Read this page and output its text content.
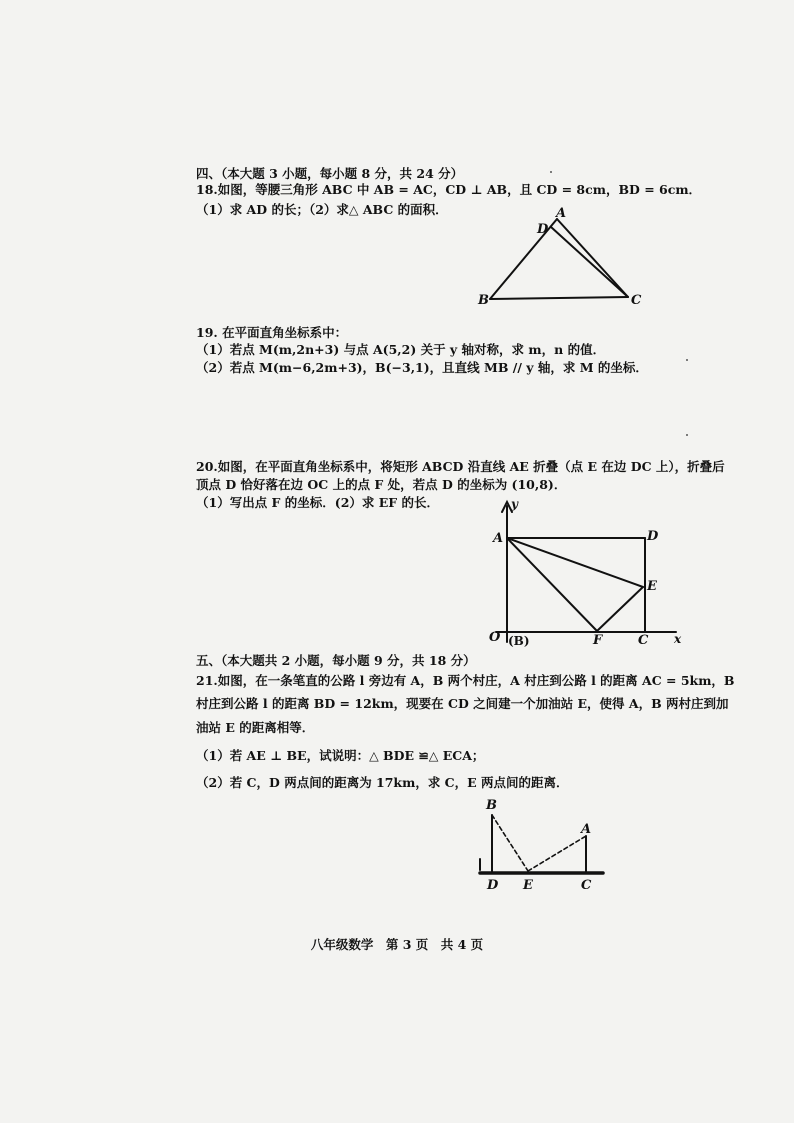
四、（本大题 3 小题，每小题 8 分，共 24 分）
18.如图，等腰三角形 ABC 中 AB = AC，CD ⊥ AB，且 CD = 8cm，BD = 6cm．
（1）求 AD 的长；（2）求△ ABC 的面积．	A
D
B	C
19. 在平面直角坐标系中：
（1）若点 M(m,2n+3) 与点 A(5,2) 关于 y 轴对称，求 m，n 的值．
（2）若点 M(m−6,2m+3)，B(−3,1)，且直线 MB // y 轴，求 M 的坐标．
20.如图，在平面直角坐标系中，将矩形 ABCD 沿直线 AE 折叠（点 E 在边 DC 上），折叠后
顶点 D 恰好落在边 OC 上的点 F 处，若点 D 的坐标为 (10,8)．
（1）写出点 F 的坐标．(2）求 EF 的长．	y
A	D
E
O (B)	F	C x
五、（本大题共 2 小题，每小题 9 分，共 18 分）
21.如图，在一条笔直的公路 l 旁边有 A，B 两个村庄，A 村庄到公路 l 的距离 AC = 5km，B
村庄到公路 l 的距离 BD = 12km，现要在 CD 之间建一个加油站 E，使得 A，B 两村庄到加
油站 E 的距离相等．
（1）若 AE ⊥ BE，试说明：△ BDE ≌△ ECA；
（2）若 C，D 两点间的距离为 17km，求 C，E 两点间的距离．
B
A
D E	C
八年级数学　第 3 页　共 4 页
